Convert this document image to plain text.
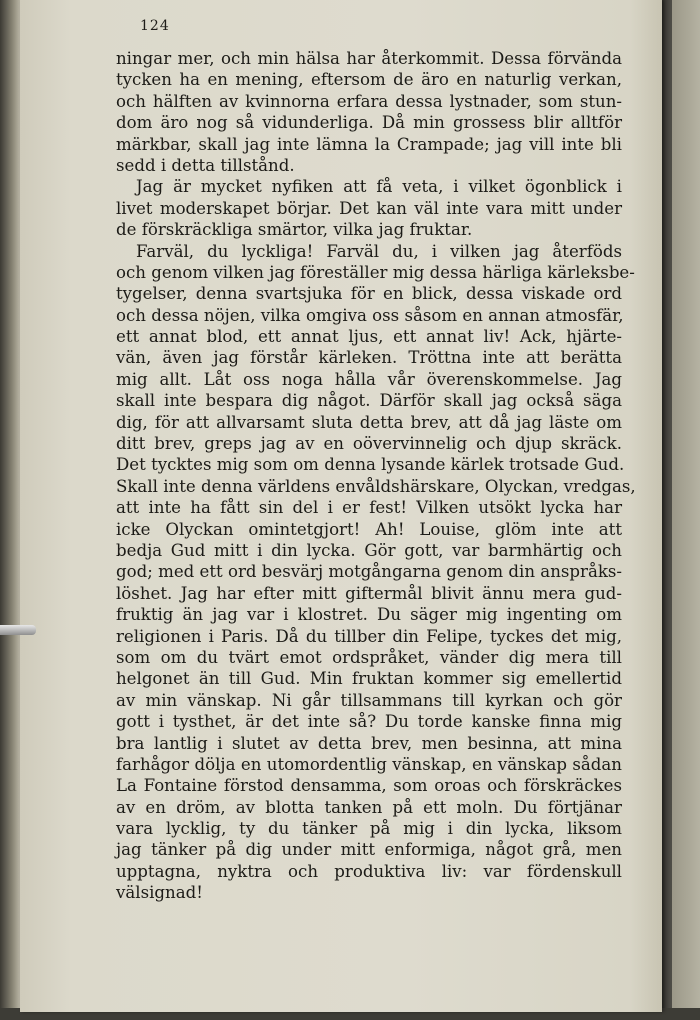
124
ningar mer, och min hälsa har återkommit. Dessa förvända
tycken ha en mening, eftersom de äro en naturlig verkan,
och hälften av kvinnorna erfara dessa lystnader, som stun-
dom äro nog så vidunderliga. Då min grossess blir alltför
märkbar, skall jag inte lämna la Crampade; jag vill inte bli
sedd i detta tillstånd.
Jag är mycket nyfiken att få veta, i vilket ögonblick i
livet moderskapet börjar. Det kan väl inte vara mitt under
de förskräckliga smärtor, vilka jag fruktar.
Farväl, du lyckliga! Farväl du, i vilken jag återföds
och genom vilken jag föreställer mig dessa härliga kärleksbe-
tygelser, denna svartsjuka för en blick, dessa viskade ord
och dessa nöjen, vilka omgiva oss såsom en annan atmosfär,
ett annat blod, ett annat ljus, ett annat liv! Ack, hjärte-
vän, även jag förstår kärleken. Tröttna inte att berätta
mig allt. Låt oss noga hålla vår överenskommelse. Jag
skall inte bespara dig något. Därför skall jag också säga
dig, för att allvarsamt sluta detta brev, att då jag läste om
ditt brev, greps jag av en oövervinnelig och djup skräck.
Det tycktes mig som om denna lysande kärlek trotsade Gud.
Skall inte denna världens envåldshärskare, Olyckan, vredgas,
att inte ha fått sin del i er fest! Vilken utsökt lycka har
icke Olyckan omintetgjort! Ah! Louise, glöm inte att
bedja Gud mitt i din lycka. Gör gott, var barmhärtig och
god; med ett ord besvärj motgångarna genom din anspråks-
löshet. Jag har efter mitt giftermål blivit ännu mera gud-
fruktig än jag var i klostret. Du säger mig ingenting om
religionen i Paris. Då du tillber din Felipe, tyckes det mig,
som om du tvärt emot ordspråket, vänder dig mera till
helgonet än till Gud. Min fruktan kommer sig emellertid
av min vänskap. Ni går tillsammans till kyrkan och gör
gott i tysthet, är det inte så? Du torde kanske finna mig
bra lantlig i slutet av detta brev, men besinna, att mina
farhågor dölja en utomordentlig vänskap, en vänskap sådan
La Fontaine förstod densamma, som oroas och förskräckes
av en dröm, av blotta tanken på ett moln. Du förtjänar
vara lycklig, ty du tänker på mig i din lycka, liksom
jag tänker på dig under mitt enformiga, något grå, men
upptagna, nyktra och produktiva liv: var fördenskull
välsignad!
